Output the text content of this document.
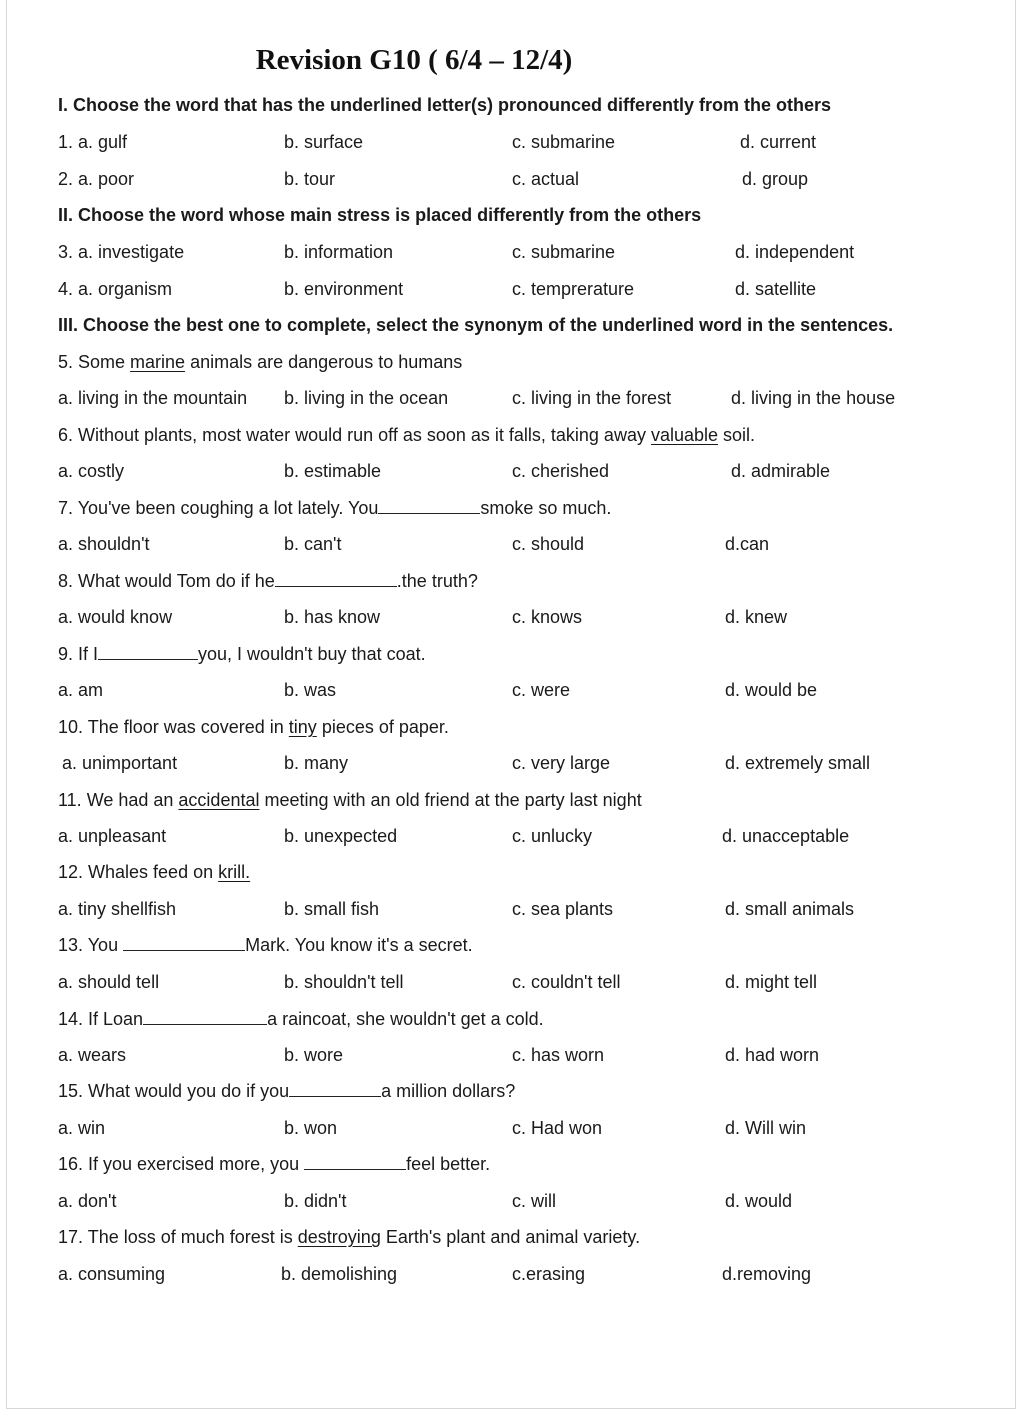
Revision G10 ( 6/4 – 12/4)
I. Choose the word that has the underlined letter(s) pronounced differently from the others
1. a. gulf	b. surface	c. submarine	d. current
2. a. poor	b. tour	c. actual	d. group
II. Choose the word whose main stress is placed differently from the others
3. a. investigate	b. information	c. submarine	d. independent
4. a. organism	b. environment	c. temprerature	d. satellite
III. Choose the best one to complete, select the synonym of the underlined word in the sentences.
5. Some marine animals are dangerous to humans
a. living in the mountain b. living in the ocean	c. living in the forest	d. living in the house
6. Without plants, most water would run off as soon as it falls, taking away valuable soil.
a. costly	b. estimable	c. cherished	d. admirable
7. You've been coughing a lot lately. You	smoke so much.
a. shouldn't	b. can't	c. should	d.can
8. What would Tom do if he	.the truth?
a. would know	b. has know	c. knows	d. knew
9. If I	you, I wouldn't buy that coat.
a. am	b. was	c. were	d. would be
10. The floor was covered in tiny pieces of paper.
a. unimportant	b. many	c. very large	d. extremely small
11. We had an accidental meeting with an old friend at the party last night
a. unpleasant	b. unexpected	c. unlucky	d. unacceptable
12. Whales feed on krill.
a. tiny shellfish	b. small fish	c. sea plants	d. small animals
13. You	Mark. You know it's a secret.
a. should tell	b. shouldn't tell	c. couldn't tell	d. might tell
14. If Loan	a raincoat, she wouldn't get a cold.
a. wears	b. wore	c. has worn	d. had worn
15. What would you do if you	a million dollars?
a. win	b. won	c. Had won	d. Will win
16. If you exercised more, you	feel better.
a. don't	b. didn't	c. will	d. would
17. The loss of much forest is destroying Earth's plant and animal variety.
a. consuming	b. demolishing	c.erasing	d.removing
